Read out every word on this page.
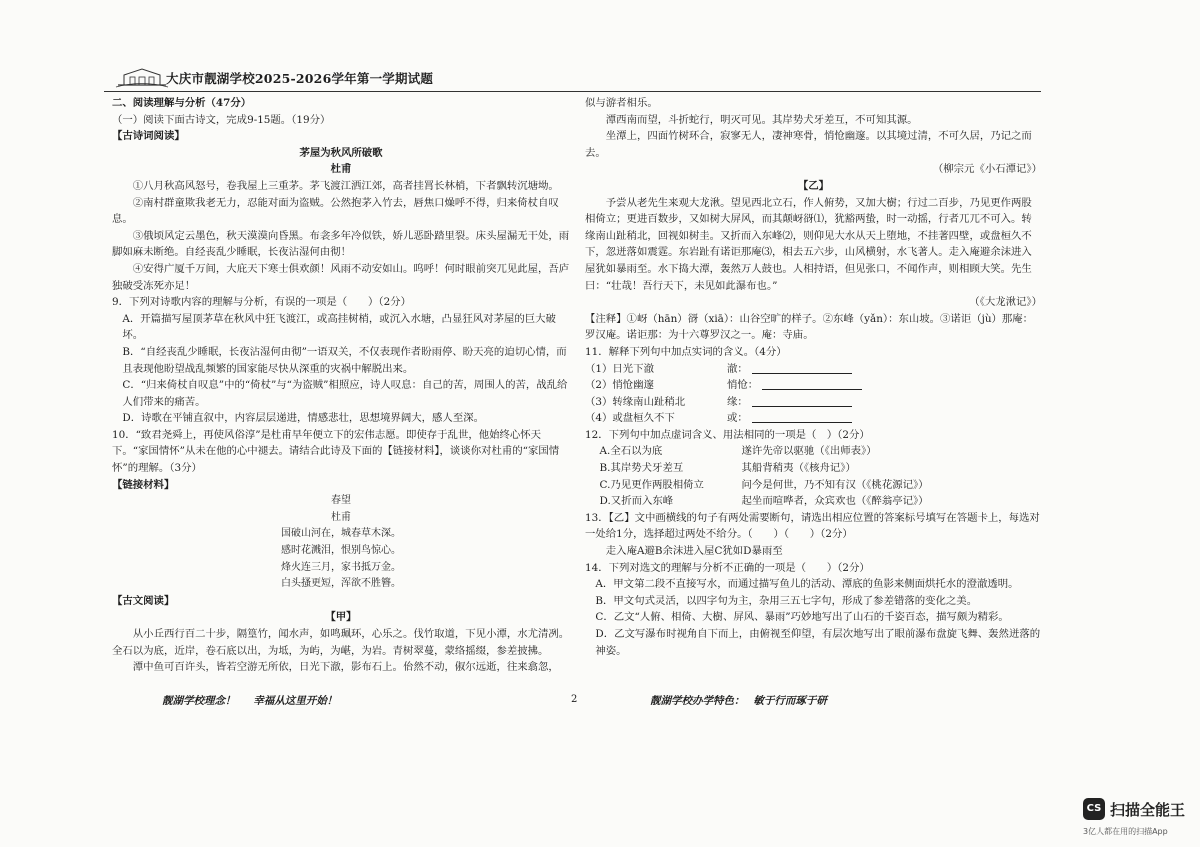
大庆市靓湖学校2025-2026学年第一学期试题
二、阅读理解与分析（47分）
（一）阅读下面古诗文，完成9-15题。（19分）
【古诗词阅读】
茅屋为秋风所破歌
杜甫
①八月秋高风怒号，卷我屋上三重茅。茅飞渡江洒江郊，高者挂罥长林梢，下者飘转沉塘坳。
②南村群童欺我老无力，忍能对面为盗贼。公然抱茅入竹去，唇焦口燥呼不得，归来倚杖自叹息。
③俄顷风定云墨色，秋天漠漠向昏黑。布衾多年冷似铁，娇儿恶卧踏里裂。床头屋漏无干处，雨脚如麻未断绝。自经丧乱少睡眠，长夜沾湿何由彻！
④安得广厦千万间，大庇天下寒士俱欢颜！风雨不动安如山。呜呼！何时眼前突兀见此屋，吾庐独破受冻死亦足！
9．下列对诗歌内容的理解与分析，有误的一项是（　　）（2分）
A．开篇描写屋顶茅草在秋风中狂飞渡江，或高挂树梢，或沉入水塘，凸显狂风对茅屋的巨大破坏。
B．“自经丧乱少睡眠，长夜沾湿何由彻”一语双关，不仅表现作者盼雨停、盼天亮的迫切心情，而且表现他盼望战乱频繁的国家能尽快从深重的灾祸中解脱出来。
C．“归来倚杖自叹息”中的“倚杖”与“为盗贼”相照应，诗人叹息：自己的苦，周围人的苦，战乱给人们带来的痛苦。
D．诗歌在平铺直叙中，内容层层递进，情感悲壮，思想境界阔大，感人至深。
10．“致君尧舜上，再使风俗淳”是杜甫早年便立下的宏伟志愿。即使存于乱世，他始终心怀天下。“家国情怀”从未在他的心中褪去。请结合此诗及下面的【链接材料】，谈谈你对杜甫的“家国情怀”的理解。（3分）
【链接材料】
春望
杜甫
国破山河在，城春草木深。
感时花溅泪，恨别鸟惊心。
烽火连三月，家书抵万金。
白头搔更短，浑欲不胜簪。
【古文阅读】
【甲】
从小丘西行百二十步，隔篁竹，闻水声，如鸣珮环，心乐之。伐竹取道，下见小潭，水尤清冽。全石以为底，近岸，卷石底以出，为坻，为屿，为嵁，为岩。青树翠蔓，蒙络摇缀，参差披拂。
潭中鱼可百许头，皆若空游无所依，日光下澈，影布石上。佁然不动，俶尔远逝，往来翕忽，
似与游者相乐。
潭西南而望，斗折蛇行，明灭可见。其岸势犬牙差互，不可知其源。
坐潭上，四面竹树环合，寂寥无人，凄神寒骨，悄怆幽邃。以其境过清，不可久居，乃记之而去。
（柳宗元《小石潭记》）
【乙】
予尝从老先生来观大龙湫。望见西北立石，作人俯势，又加大樹；行过二百步，乃见更作两股相倚立；更进百数步，又如树大屏风，而其颠岈谺⑴，犹豁两蛰，时一动摇，行者兀兀不可入。转缘南山趾稍北，回视如树圭。又折而入东峰⑵，则仰见大水从天上堕地，不挂著四壁，或盘桓久不下，忽迸落如震霆。东岩趾有诺讵那庵⑶，相去五六步，山风横射，水飞著人。走入庵避余沫进入屋犹如暴雨至。水下捣大潭，轰然万人鼓也。人相持语，但见张口，不闻作声，则相顾大笑。先生曰：“壮哉！吾行天下，未见如此瀑布也。”
（《大龙湫记》）
【注释】①岈（hān）谺（xiā）：山谷空旷的样子。②东峰（yǎn）：东山坡。③诺讵（jù）那庵：罗汉庵。诺讵那：为十六尊罗汉之一。庵：寺庙。
11．解释下列句中加点实词的含义。（4分）
（1）日光下澈	澈：
（2）悄怆幽邃	悄怆：
（3）转缘南山趾稍北	缘：
（4）或盘桓久不下	或：
12．下列句中加点虚词含义、用法相同的一项是（　）（2分）
A.全石以为底	遂许先帝以驱驰（《出师表》）
B.其岸势犬牙差互	其船背稍夷（《核舟记》）
C.乃见更作两股相倚立	问今是何世，乃不知有汉（《桃花源记》）
D.又折而入东峰	起坐而喧哗者，众宾欢也（《醉翁亭记》）
13．【乙】文中画横线的句子有两处需要断句，请选出相应位置的答案标号填写在答题卡上，每选对一处给1分，选择超过两处不给分。（　　）（　　）（2分）
走入庵A避B余沫进入屋C犹如D暴雨至
14．下列对选文的理解与分析不正确的一项是（　　）（2分）
A．甲文第二段不直接写水，而通过描写鱼儿的活动、潭底的鱼影来侧面烘托水的澄澈透明。
B．甲文句式灵活，以四字句为主，杂用三五七字句，形成了参差错落的变化之美。
C．乙文“人俯、相倚、大樹、屏风、暴雨”巧妙地写出了山石的千姿百态，描写颇为精彩。
D．乙文写瀑布时视角自下而上，由俯视至仰望，有层次地写出了眼前瀑布盘旋飞舞、轰然迸落的神姿。
靓湖学校理念！ 　 幸福从这里开始！	2	靓湖学校办学特色：　 敏于行而琢于研
CS 扫描全能王
3亿人都在用的扫描App
